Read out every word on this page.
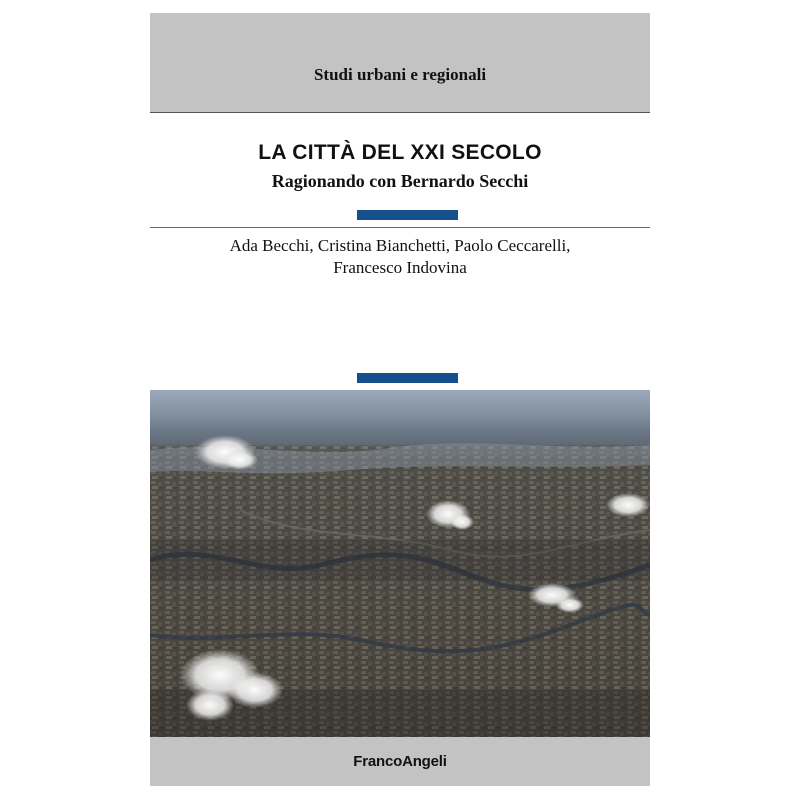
Studi urbani e regionali
LA CITTÀ DEL XXI SECOLO
Ragionando con Bernardo Secchi
Ada Becchi, Cristina Bianchetti, Paolo Ceccarelli,
Francesco Indovina
FrancoAngeli
